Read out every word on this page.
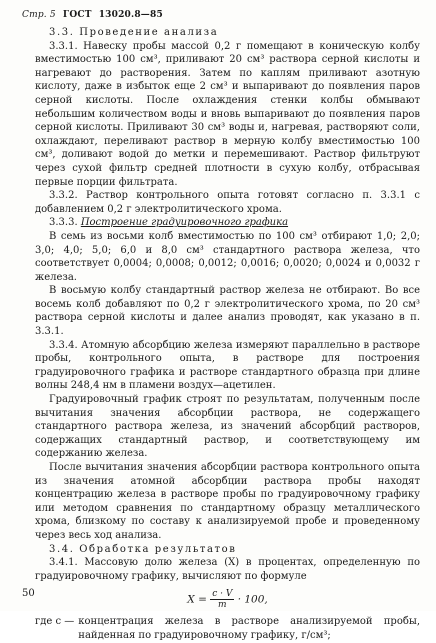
Стр. 5 ГОСТ 13020.8—85

3.3. Проведение анализа

3.3.1. Навеску пробы массой 0,2 г помещают в коническую колбу вместимостью 100 см³, приливают 20 см³ раствора серной кислоты и нагревают до растворения. Затем по каплям приливают азотную кислоту, даже в избыток еще 2 см³ и выпаривают до появления паров серной кислоты. После охлаждения стенки колбы обмывают небольшим количеством воды и вновь выпаривают до появления паров серной кислоты. Приливают 30 см³ воды и, нагревая, растворяют соли, охлаждают, переливают раствор в мерную колбу вместимостью 100 см³, доливают водой до метки и перемешивают. Раствор фильтруют через сухой фильтр средней плотности в сухую колбу, отбрасывая первые порции фильтрата.

3.3.2. Раствор контрольного опыта готовят согласно п. 3.3.1 с добавлением 0,2 г электролитического хрома.

3.3.3. Построение градуировочного графика

В семь из восьми колб вместимостью по 100 см³ отбирают 1,0; 2,0; 3,0; 4,0; 5,0; 6,0 и 8,0 см³ стандартного раствора железа, что соответствует 0,0004; 0,0008; 0,0012; 0,0016; 0,0020; 0,0024 и 0,0032 г железа.

В восьмую колбу стандартный раствор железа не отбирают. Во все восемь колб добавляют по 0,2 г электролитического хрома, по 20 см³ раствора серной кислоты и далее анализ проводят, как указано в п. 3.3.1.

3.3.4. Атомную абсорбцию железа измеряют параллельно в растворе пробы, контрольного опыта, в растворе для построения градуировочного графика и растворе стандартного образца при длине волны 248,4 нм в пламени воздух—ацетилен.

Градуировочный график строят по результатам, полученным после вычитания значения абсорбции раствора, не содержащего стандартного раствора железа, из значений абсорбций растворов, содержащих стандартный раствор, и соответствующему им содержанию железа.

После вычитания значения абсорбции раствора контрольного опыта из значения атомной абсорбции раствора пробы находят концентрацию железа в растворе пробы по градуировочному графику или методом сравнения по стандартному образцу металлического хрома, близкому по составу к анализируемой пробе и проведенному через весь ход анализа.

3.4. Обработка результатов

3.4.1. Массовую долю железа (X) в процентах, определенную по градуировочному графику, вычисляют по формуле

$X = \frac{c \cdot V}{m} \cdot 100$,

где c — концентрация железа в растворе анализируемой пробы, найденная по градуировочному графику, г/см³;
50
